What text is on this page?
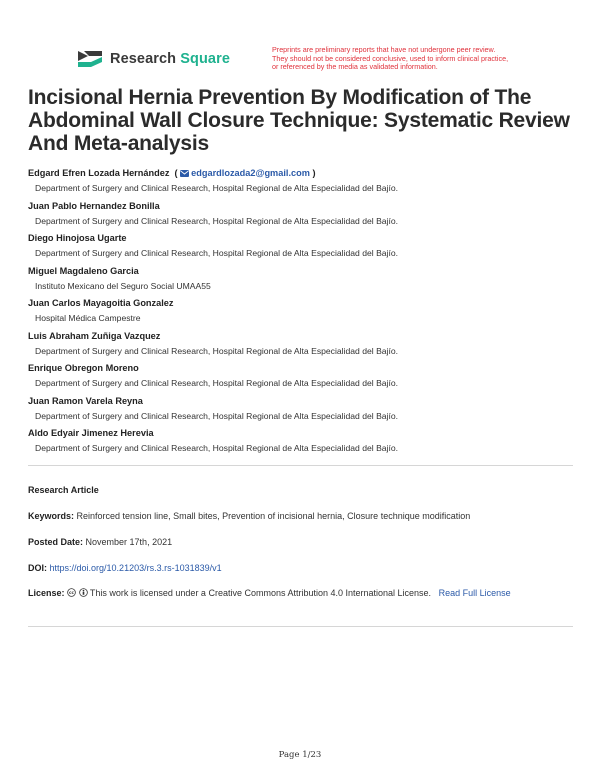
Research Square
Preprints are preliminary reports that have not undergone peer review.
They should not be considered conclusive, used to inform clinical practice,
or referenced by the media as validated information.
Incisional Hernia Prevention By Modification of The Abdominal Wall Closure Technique: Systematic Review And Meta-analysis
Edgard Efren Lozada Hernández  ( edgardlozada2@gmail.com )
Department of Surgery and Clinical Research, Hospital Regional de Alta Especialidad del Bajío.
Juan Pablo Hernandez Bonilla
Department of Surgery and Clinical Research, Hospital Regional de Alta Especialidad del Bajío.
Diego Hinojosa Ugarte
Department of Surgery and Clinical Research, Hospital Regional de Alta Especialidad del Bajío.
Miguel Magdaleno Garcia
Instituto Mexicano del Seguro Social UMAA55
Juan Carlos Mayagoitia Gonzalez
Hospital Médica Campestre
Luis Abraham Zuñiga Vazquez
Department of Surgery and Clinical Research, Hospital Regional de Alta Especialidad del Bajío.
Enrique Obregon Moreno
Department of Surgery and Clinical Research, Hospital Regional de Alta Especialidad del Bajío.
Juan Ramon Varela Reyna
Department of Surgery and Clinical Research, Hospital Regional de Alta Especialidad del Bajío.
Aldo Edyair Jimenez Herevia
Department of Surgery and Clinical Research, Hospital Regional de Alta Especialidad del Bajío.
Research Article
Keywords: Reinforced tension line, Small bites, Prevention of incisional hernia, Closure technique modification
Posted Date: November 17th, 2021
DOI: https://doi.org/10.21203/rs.3.rs-1031839/v1
License: cc This work is licensed under a Creative Commons Attribution 4.0 International License. Read Full License
Page 1/23
